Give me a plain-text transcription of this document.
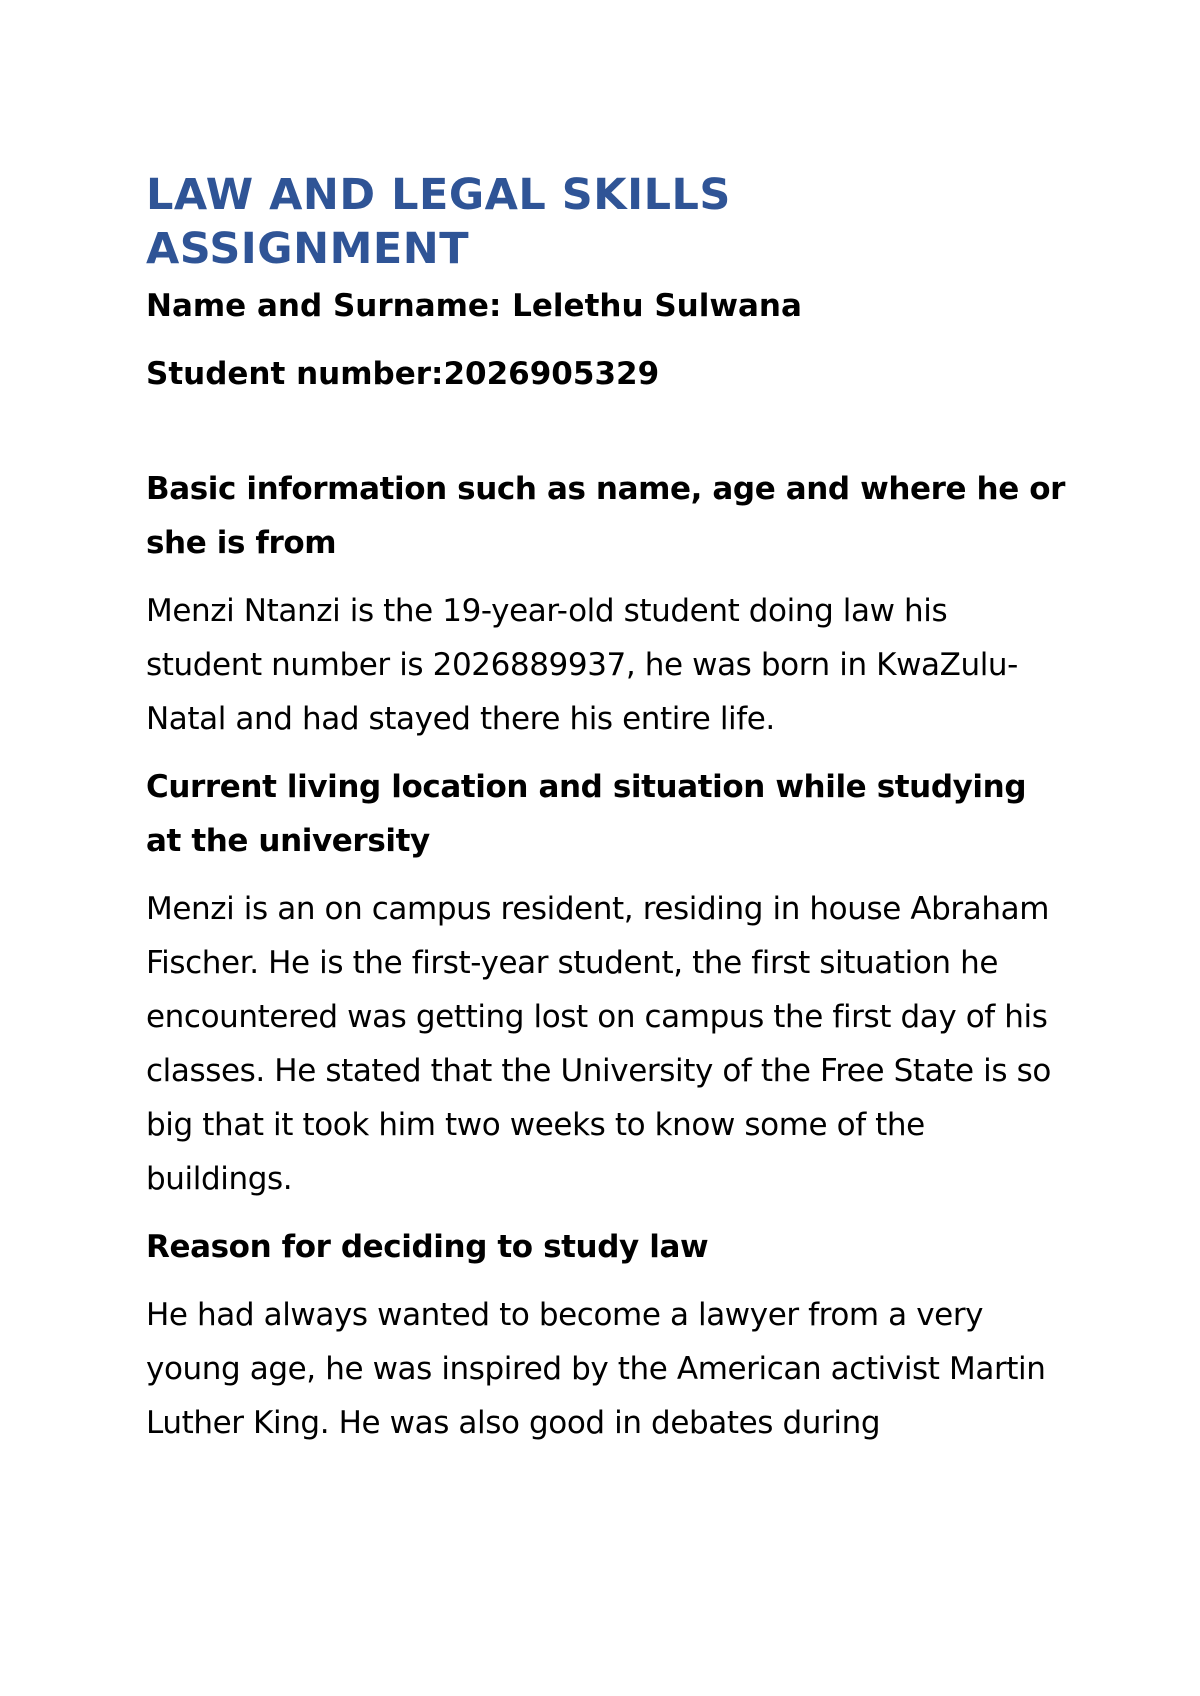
LAW AND LEGAL SKILLS ASSIGNMENT

Name and Surname: Lelethu Sulwana

Student number:2026905329

Basic information such as name, age and where he or she is from

Menzi Ntanzi is the 19-year-old student doing law his student number is 2026889937, he was born in KwaZulu-Natal and had stayed there his entire life.

Current living location and situation while studying at the university

Menzi is an on campus resident, residing in house Abraham Fischer. He is the first-year student, the first situation he encountered was getting lost on campus the first day of his classes. He stated that the University of the Free State is so big that it took him two weeks to know some of the buildings.

Reason for deciding to study law

He had always wanted to become a lawyer from a very young age, he was inspired by the American activist Martin Luther King. He was also good in debates during
